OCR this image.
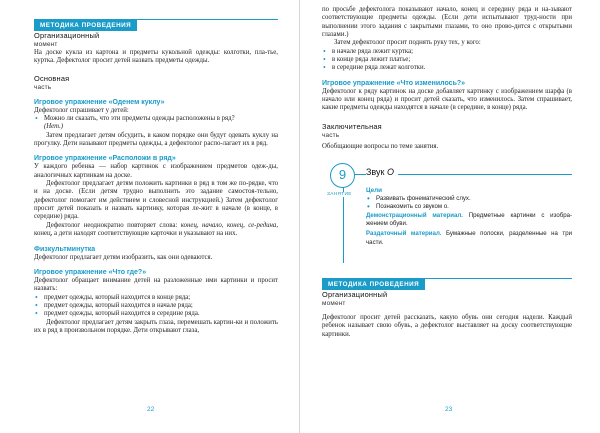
МЕТОДИКА ПРОВЕДЕНИЯ
Организационный
момент

На доске кукла из картона и предметы кукольной одежды: колготки, пла-тье, куртка. Дефектолог просит детей назвать предметы одежды.

Основная
часть
Игровое упражнение «Оденем куклу»

Дефектолог спрашивает у детей:

• Можно ли сказать, что эти предметы одежды расположены в ряд?
(Нет.)

Затем предлагает детям обсудить, в каком порядке они будут одевать куклу на прогулку. Дети называют предметы одежды, а дефектолог распо-лагает их в ряд.

Игровое упражнение «Расположи в ряд»

У каждого ребенка — набор картинок с изображением предметов одеж-ды, аналогичных картинкам на доске.

Дефектолог предлагает детям положить картинки в ряд в том же по-рядке, что и на доске. (Если детям трудно выполнить это задание самостоя-тельно, дефектолог помогает им действием и словесной инструкцией.) Затем дефектолог просит детей показать и назвать картинку, которая ле-жит в начале (в конце, в середине) ряда.

Дефектолог неоднократно повторяет слова: конец, начало, конец, се-редина, конец, а дети находят соответствующие карточки и указывают на них.

Физкультминутка

Дефектолог предлагает детям изобразить, как они одеваются.

Игровое упражнение «Что где?»

Дефектолог обращает внимание детей на разложенные ими картинки и просит назвать:

• предмет одежды, который находится в конце ряда;
• предмет одежды, который находится в начале ряда;
• предмет одежды, который находится в середине ряда.

Дефектолог предлагает детям закрыть глаза, перемешать картин-ки и положить их в ряд в произвольном порядке. Дети открывают глаза,

22

по просьбе дефектолога показывают начало, конец и середину ряда и на-зывают соответствующие предметы одежды. (Если дети испытывают труд-ности при выполнении этого задания с закрытыми глазами, то оно прово-дится с открытыми глазами.)

Затем дефектолог просит поднять руку тех, у кого:

• в начале ряда лежит куртка;
• в конце ряда лежит платье;
• в середине ряда лежат колготки.
Игровое упражнение «Что изменилось?»

Дефектолог к ряду картинок на доске добавляет картинку с изображением шарфа (в начало или конец ряда) и просит детей сказать, что изменилось. Затем спрашивает, какие предметы одежды находятся в начале (в середине, в конце) ряда.

Заключительная
часть

Обобщающие вопросы по теме занятия.

9
ЗАНЯТИЕ
Звук О
Цели
• Развивать фонематический слух.
• Познакомить со звуком о.

Демонстрационный материал. Предметные картинки с изобра-жением обуви.

Раздаточный материал. Бумажные полоски, разделенные на три части.

МЕТОДИКА ПРОВЕДЕНИЯ
Организационный
момент

Дефектолог просит детей рассказать, какую обувь они сегодня надели. Каждый ребенок называет свою обувь, а дефектолог выставляет на доску соответствующие картинки.

23
